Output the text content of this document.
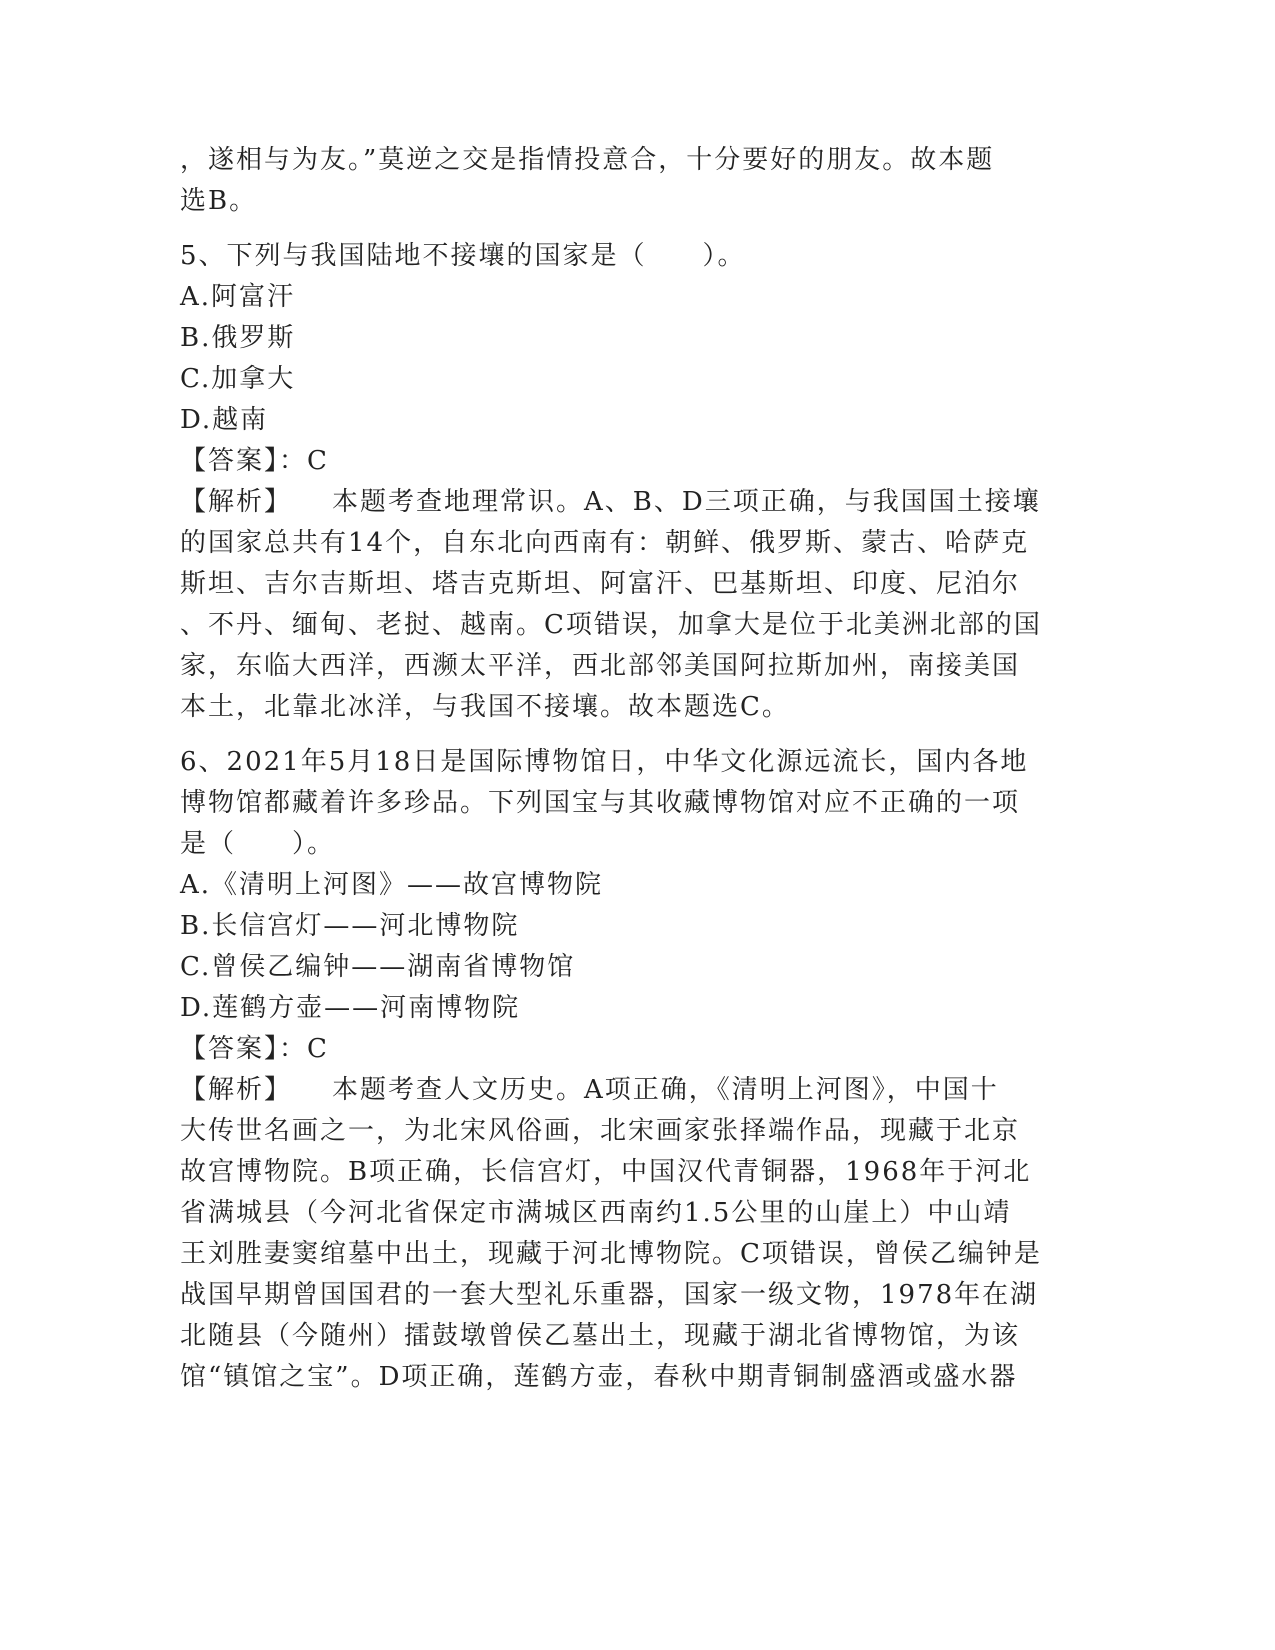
，遂相与为友。”莫逆之交是指情投意合，十分要好的朋友。故本题
选B。
5、下列与我国陆地不接壤的国家是（　　）。
A.阿富汗
B.俄罗斯
C.加拿大
D.越南
【答案】：C
【解析】 本题考查地理常识。A、B、D三项正确，与我国国土接壤
的国家总共有14个，自东北向西南有：朝鲜、俄罗斯、蒙古、哈萨克
斯坦、吉尔吉斯坦、塔吉克斯坦、阿富汗、巴基斯坦、印度、尼泊尔
、不丹、缅甸、老挝、越南。C项错误，加拿大是位于北美洲北部的国
家，东临大西洋，西濒太平洋，西北部邻美国阿拉斯加州，南接美国
本土，北靠北冰洋，与我国不接壤。故本题选C。
6、2021年5月18日是国际博物馆日，中华文化源远流长，国内各地
博物馆都藏着许多珍品。下列国宝与其收藏博物馆对应不正确的一项
是（　　）。
A.《清明上河图》——故宫博物院
B.长信宫灯——河北博物院
C.曾侯乙编钟——湖南省博物馆
D.莲鹤方壶——河南博物院
【答案】：C
【解析】 本题考查人文历史。A项正确，《清明上河图》，中国十
大传世名画之一，为北宋风俗画，北宋画家张择端作品，现藏于北京
故宫博物院。B项正确，长信宫灯，中国汉代青铜器，1968年于河北
省满城县（今河北省保定市满城区西南约1.5公里的山崖上）中山靖
王刘胜妻窦绾墓中出土，现藏于河北博物院。C项错误，曾侯乙编钟是
战国早期曾国国君的一套大型礼乐重器，国家一级文物，1978年在湖
北随县（今随州）擂鼓墩曾侯乙墓出土，现藏于湖北省博物馆，为该
馆“镇馆之宝”。D项正确，莲鹤方壶，春秋中期青铜制盛酒或盛水器
